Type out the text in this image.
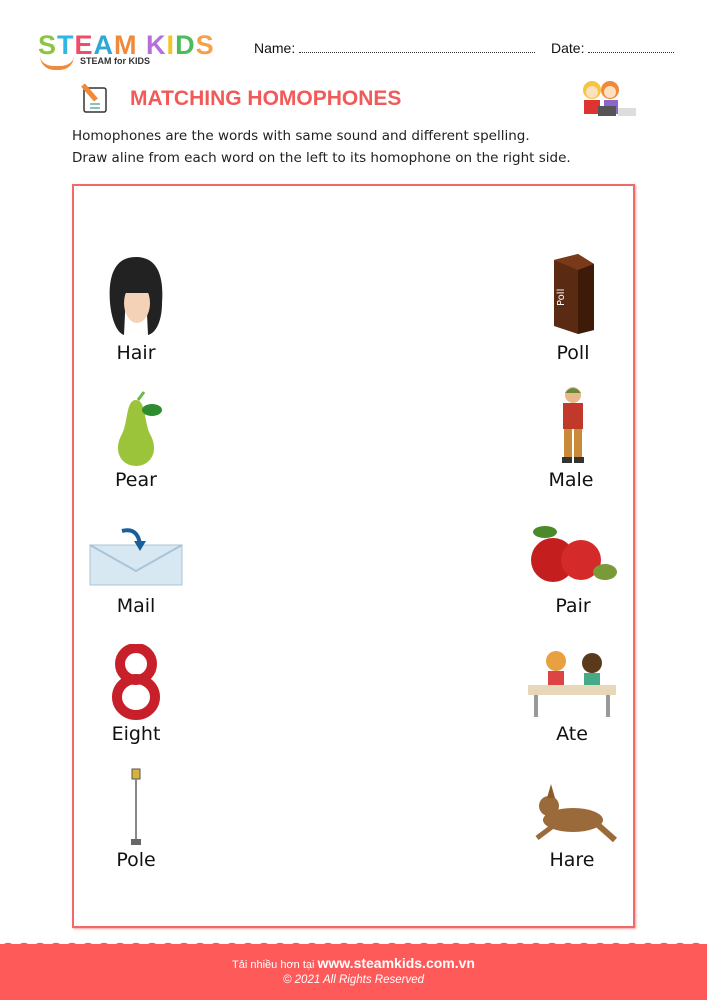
STEAM KIDS
STEAM for KIDS
Name:	Date:
MATCHING HOMOPHONES
Homophones are the words with same sound and different spelling.
Draw aline from each word on the left to its homophone on the right side.
Hair
Pear
Mail
Eight
Pole
Poll
Poll
Male
Pair
Ate
Hare
Tải nhiều hơn tại www.steamkids.com.vn
© 2021 All Rights Reserved
